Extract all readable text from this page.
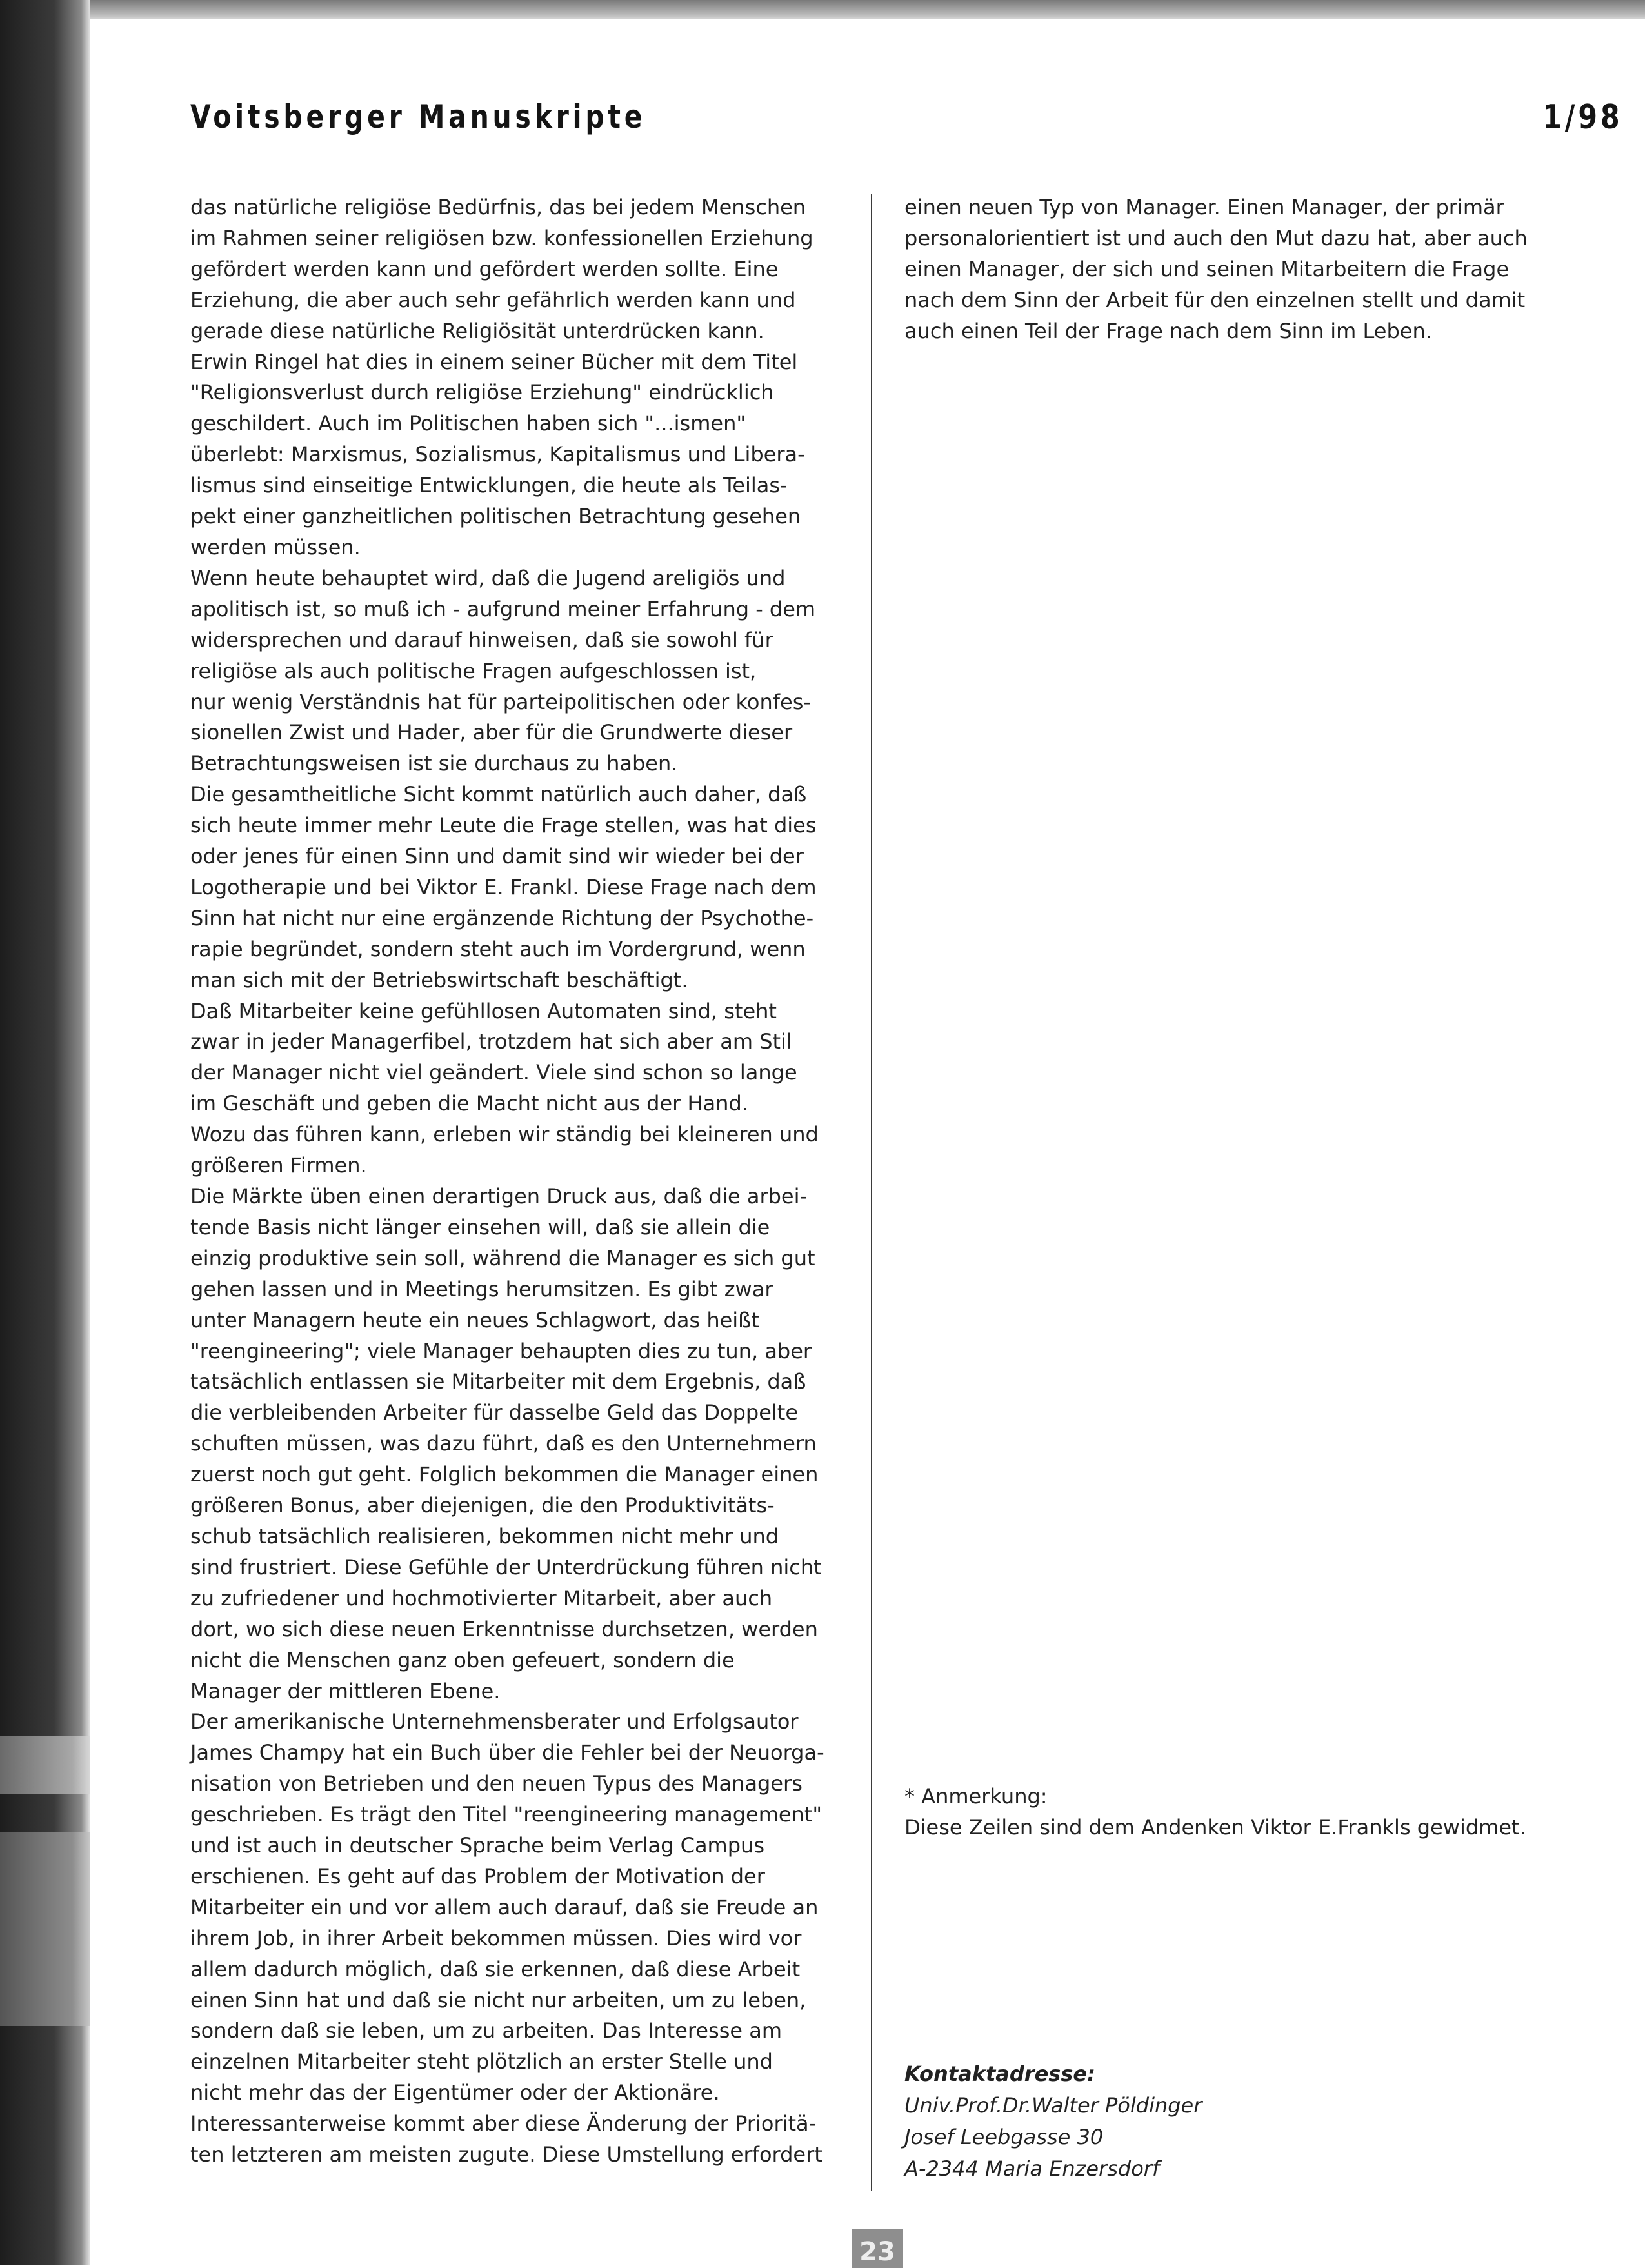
Voitsberger Manuskripte	1/98

das natürliche religiöse Bedürfnis, das bei jedem Menschen
im Rahmen seiner religiösen bzw. konfessionellen Erziehung
gefördert werden kann und gefördert werden sollte. Eine
Erziehung, die aber auch sehr gefährlich werden kann und
gerade diese natürliche Religiösität unterdrücken kann.
Erwin Ringel hat dies in einem seiner Bücher mit dem Titel
"Religionsverlust durch religiöse Erziehung" eindrücklich
geschildert. Auch im Politischen haben sich "...ismen"
überlebt: Marxismus, Sozialismus, Kapitalismus und Libera-
lismus sind einseitige Entwicklungen, die heute als Teilas-
pekt einer ganzheitlichen politischen Betrachtung gesehen
werden müssen.

Wenn heute behauptet wird, daß die Jugend areligiös und
apolitisch ist, so muß ich - aufgrund meiner Erfahrung - dem
widersprechen und darauf hinweisen, daß sie sowohl für
religiöse als auch politische Fragen aufgeschlossen ist,
nur wenig Verständnis hat für parteipolitischen oder konfes-
sionellen Zwist und Hader, aber für die Grundwerte dieser
Betrachtungsweisen ist sie durchaus zu haben.

Die gesamtheitliche Sicht kommt natürlich auch daher, daß
sich heute immer mehr Leute die Frage stellen, was hat dies
oder jenes für einen Sinn und damit sind wir wieder bei der
Logotherapie und bei Viktor E. Frankl. Diese Frage nach dem
Sinn hat nicht nur eine ergänzende Richtung der Psychothe-
rapie begründet, sondern steht auch im Vordergrund, wenn
man sich mit der Betriebswirtschaft beschäftigt.

Daß Mitarbeiter keine gefühllosen Automaten sind, steht
zwar in jeder Managerfibel, trotzdem hat sich aber am Stil
der Manager nicht viel geändert. Viele sind schon so lange
im Geschäft und geben die Macht nicht aus der Hand.
Wozu das führen kann, erleben wir ständig bei kleineren und
größeren Firmen.

Die Märkte üben einen derartigen Druck aus, daß die arbei-
tende Basis nicht länger einsehen will, daß sie allein die
einzig produktive sein soll, während die Manager es sich gut
gehen lassen und in Meetings herumsitzen. Es gibt zwar
unter Managern heute ein neues Schlagwort, das heißt
"reengineering"; viele Manager behaupten dies zu tun, aber
tatsächlich entlassen sie Mitarbeiter mit dem Ergebnis, daß
die verbleibenden Arbeiter für dasselbe Geld das Doppelte
schuften müssen, was dazu führt, daß es den Unternehmern
zuerst noch gut geht. Folglich bekommen die Manager einen
größeren Bonus, aber diejenigen, die den Produktivitäts-
schub tatsächlich realisieren, bekommen nicht mehr und
sind frustriert. Diese Gefühle der Unterdrückung führen nicht
zu zufriedener und hochmotivierter Mitarbeit, aber auch
dort, wo sich diese neuen Erkenntnisse durchsetzen, werden
nicht die Menschen ganz oben gefeuert, sondern die
Manager der mittleren Ebene.

Der amerikanische Unternehmensberater und Erfolgsautor
James Champy hat ein Buch über die Fehler bei der Neuorga-
nisation von Betrieben und den neuen Typus des Managers
geschrieben. Es trägt den Titel "reengineering management"
und ist auch in deutscher Sprache beim Verlag Campus
erschienen. Es geht auf das Problem der Motivation der
Mitarbeiter ein und vor allem auch darauf, daß sie Freude an
ihrem Job, in ihrer Arbeit bekommen müssen. Dies wird vor
allem dadurch möglich, daß sie erkennen, daß diese Arbeit
einen Sinn hat und daß sie nicht nur arbeiten, um zu leben,
sondern daß sie leben, um zu arbeiten. Das Interesse am
einzelnen Mitarbeiter steht plötzlich an erster Stelle und
nicht mehr das der Eigentümer oder der Aktionäre.
Interessanterweise kommt aber diese Änderung der Prioritä-
ten letzteren am meisten zugute. Diese Umstellung erfordert

einen neuen Typ von Manager. Einen Manager, der primär
personalorientiert ist und auch den Mut dazu hat, aber auch
einen Manager, der sich und seinen Mitarbeitern die Frage
nach dem Sinn der Arbeit für den einzelnen stellt und damit
auch einen Teil der Frage nach dem Sinn im Leben.

* Anmerkung:

Diese Zeilen sind dem Andenken Viktor E.Frankls gewidmet.

Kontaktadresse:

Univ.Prof.Dr.Walter Pöldinger

Josef Leebgasse 30

A-2344 Maria Enzersdorf

23
